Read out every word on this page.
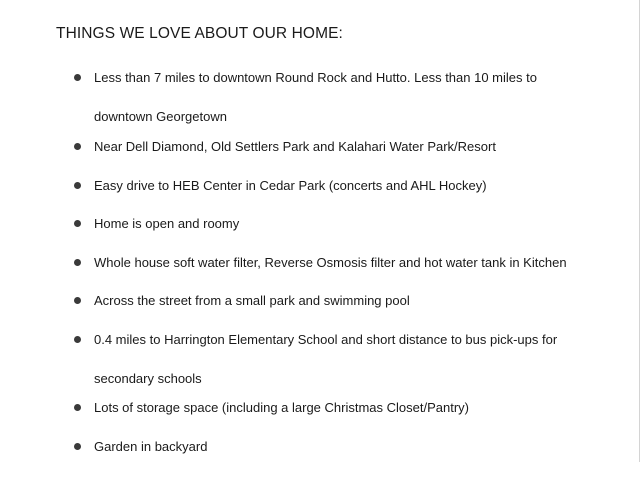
THINGS WE LOVE ABOUT OUR HOME:
Less than 7 miles to downtown Round Rock and Hutto. Less than 10 miles to downtown Georgetown
Near Dell Diamond, Old Settlers Park and Kalahari Water Park/Resort
Easy drive to HEB Center in Cedar Park (concerts and AHL Hockey)
Home is open and roomy
Whole house soft water filter, Reverse Osmosis filter and hot water tank in Kitchen
Across the street from a small park and swimming pool
0.4 miles to Harrington Elementary School and short distance to bus pick-ups for secondary schools
Lots of storage space (including a large Christmas Closet/Pantry)
Garden in backyard
